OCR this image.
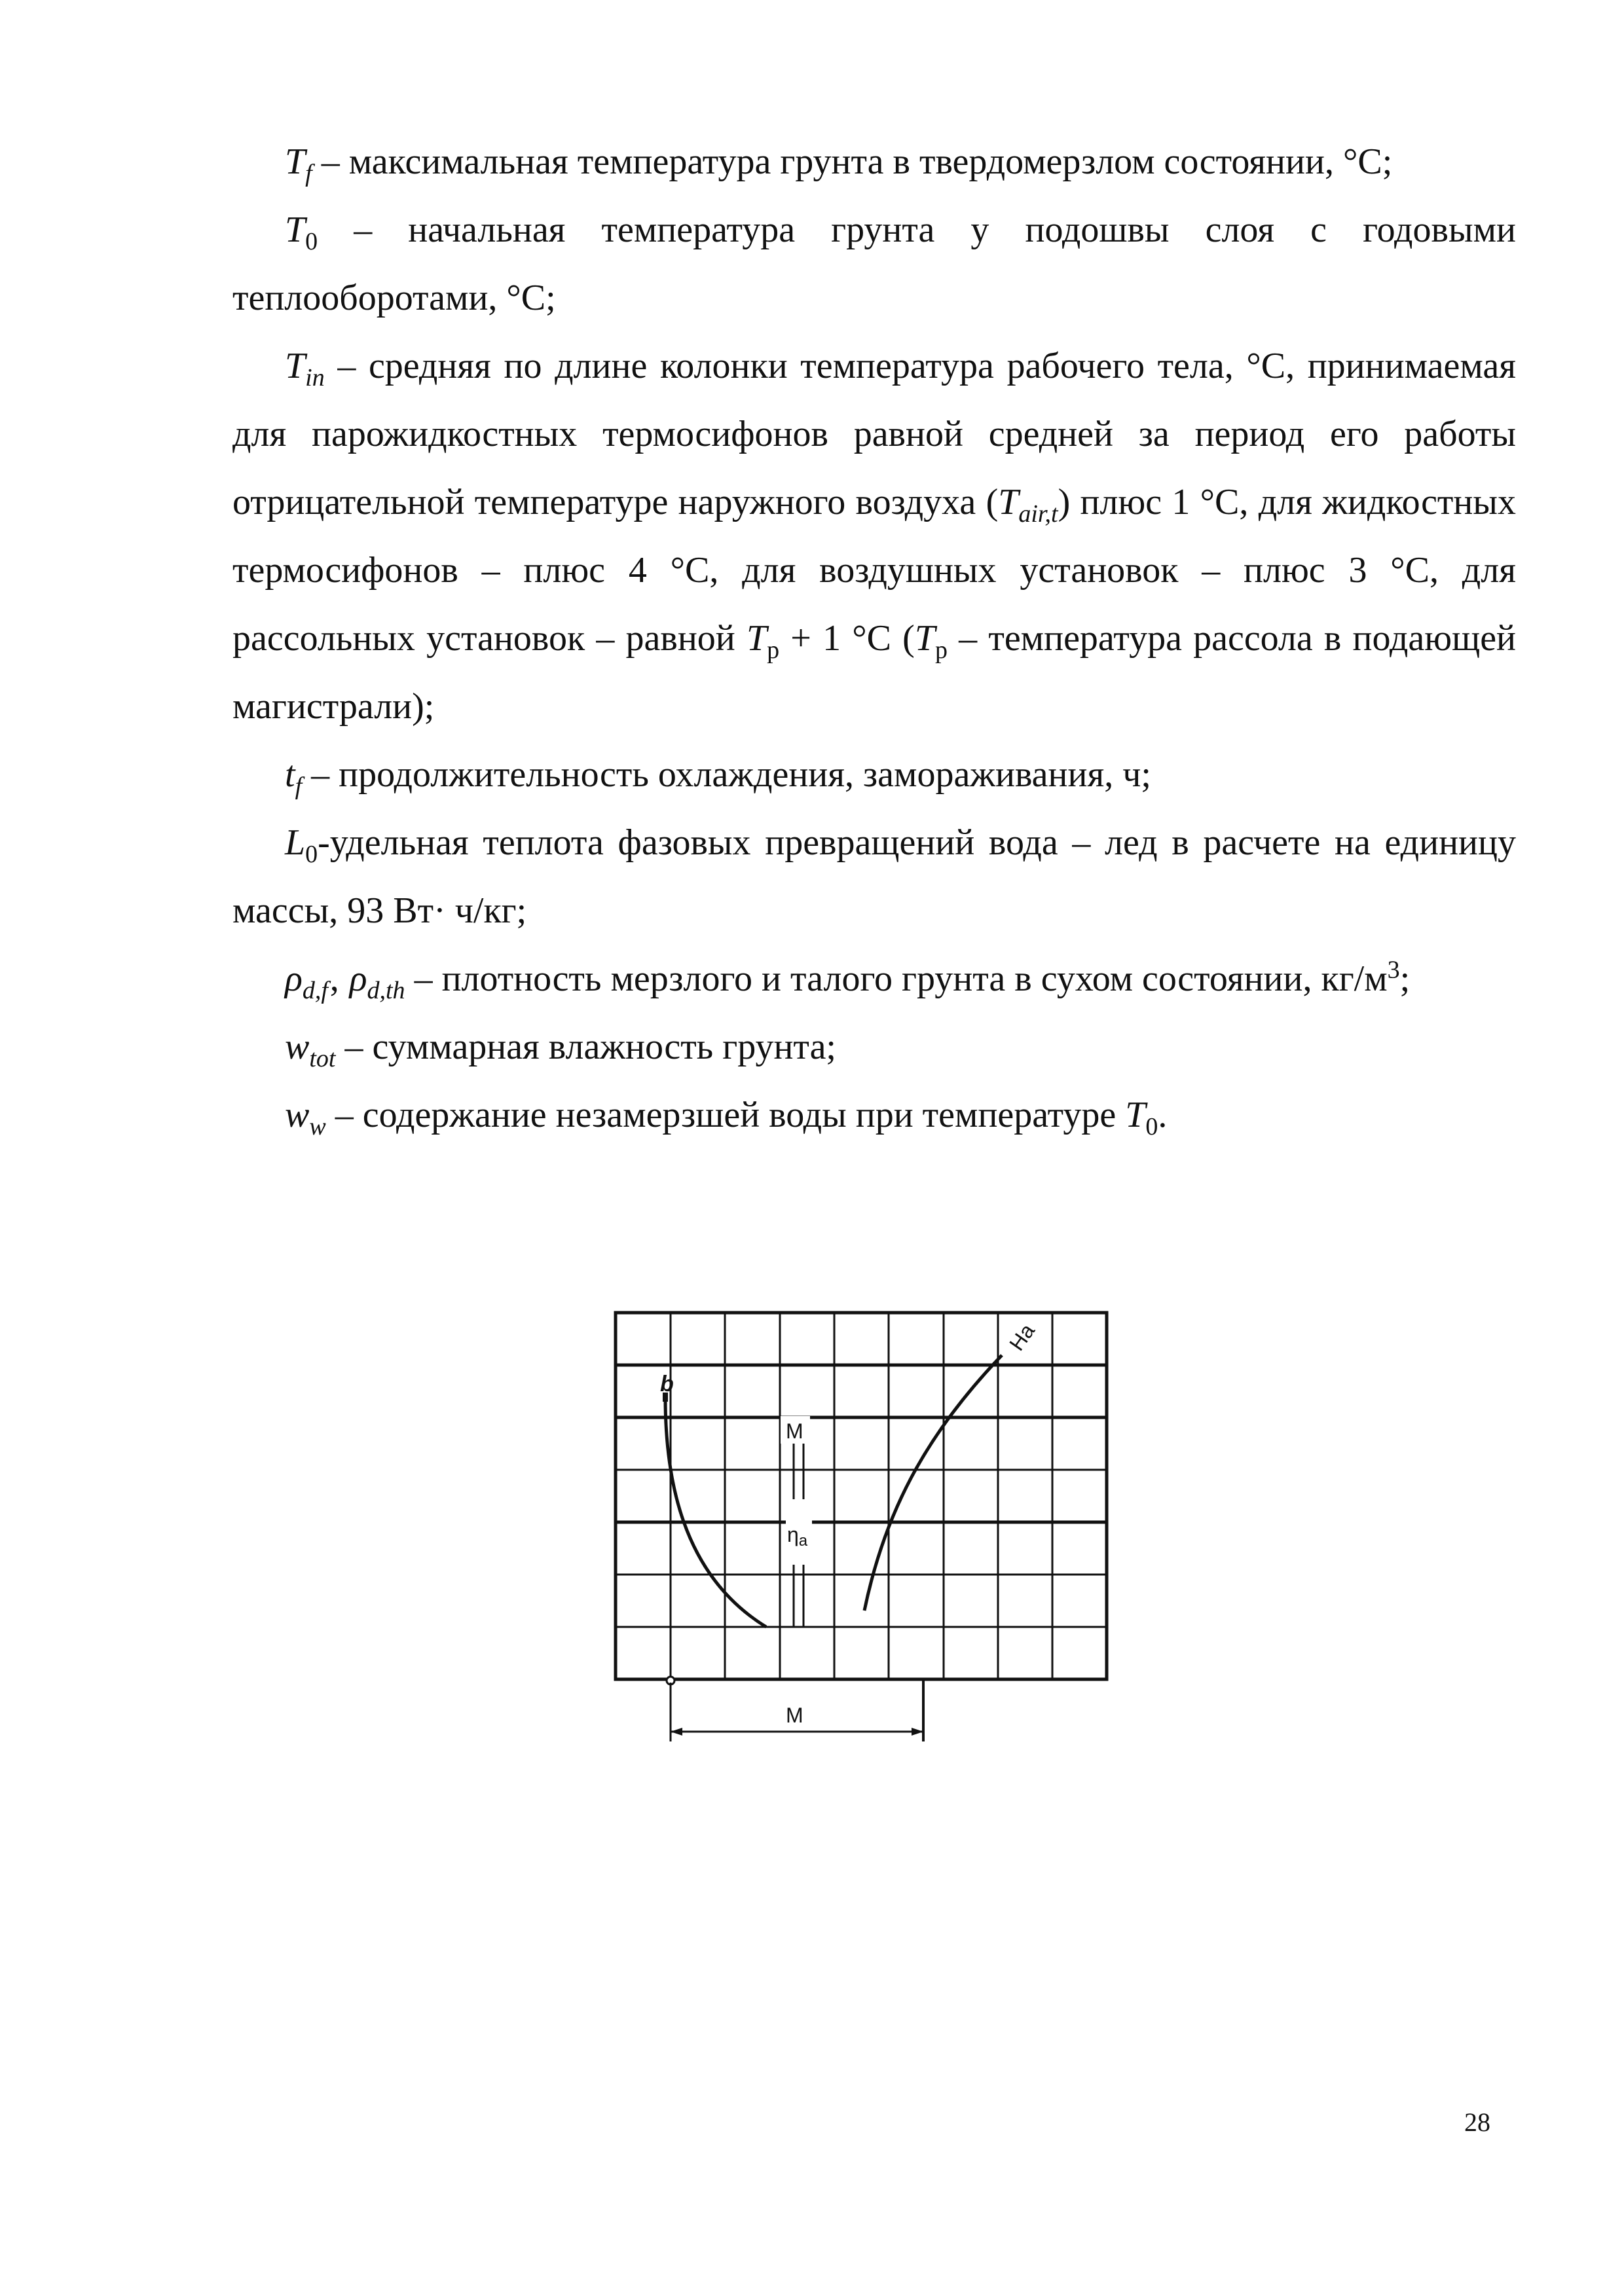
$T_f$ – максимальная температура грунта в твердомерзлом состоянии, °С;

$T_0$ – начальная температура грунта у подошвы слоя с годовыми теплооборотами, °С;

$T_{in}$ – средняя по длине колонки температура рабочего тела, °С, принимаемая для парожидкостных термосифонов равной средней за период его работы отрицательной температуре наружного воздуха $(T_{air,t})$ плюс 1 °С, для жидкостных термосифонов – плюс 4 °С, для воздушных установок – плюс 3 °С, для рассольных установок – равной $T_p + 1$ °С ($T_p$ – температура рассола в подающей магистрали);

$t_f$ – продолжительность охлаждения, замораживания, ч;

$L_0$-удельная теплота фазовых превращений вода – лед в расчете на единицу массы, 93 Вт· ч/кг;

$\rho_{d,f}‚$ $\rho_{d,th}$ – плотность мерзлого и талого грунта в сухом состоянии, $кг/м^3$;

$w_{tot}$ – суммарная влажность грунта;

$w_w$ – содержание незамерзшей воды при температуре $T_0$.

b
M
ηa
Ha
M
28
